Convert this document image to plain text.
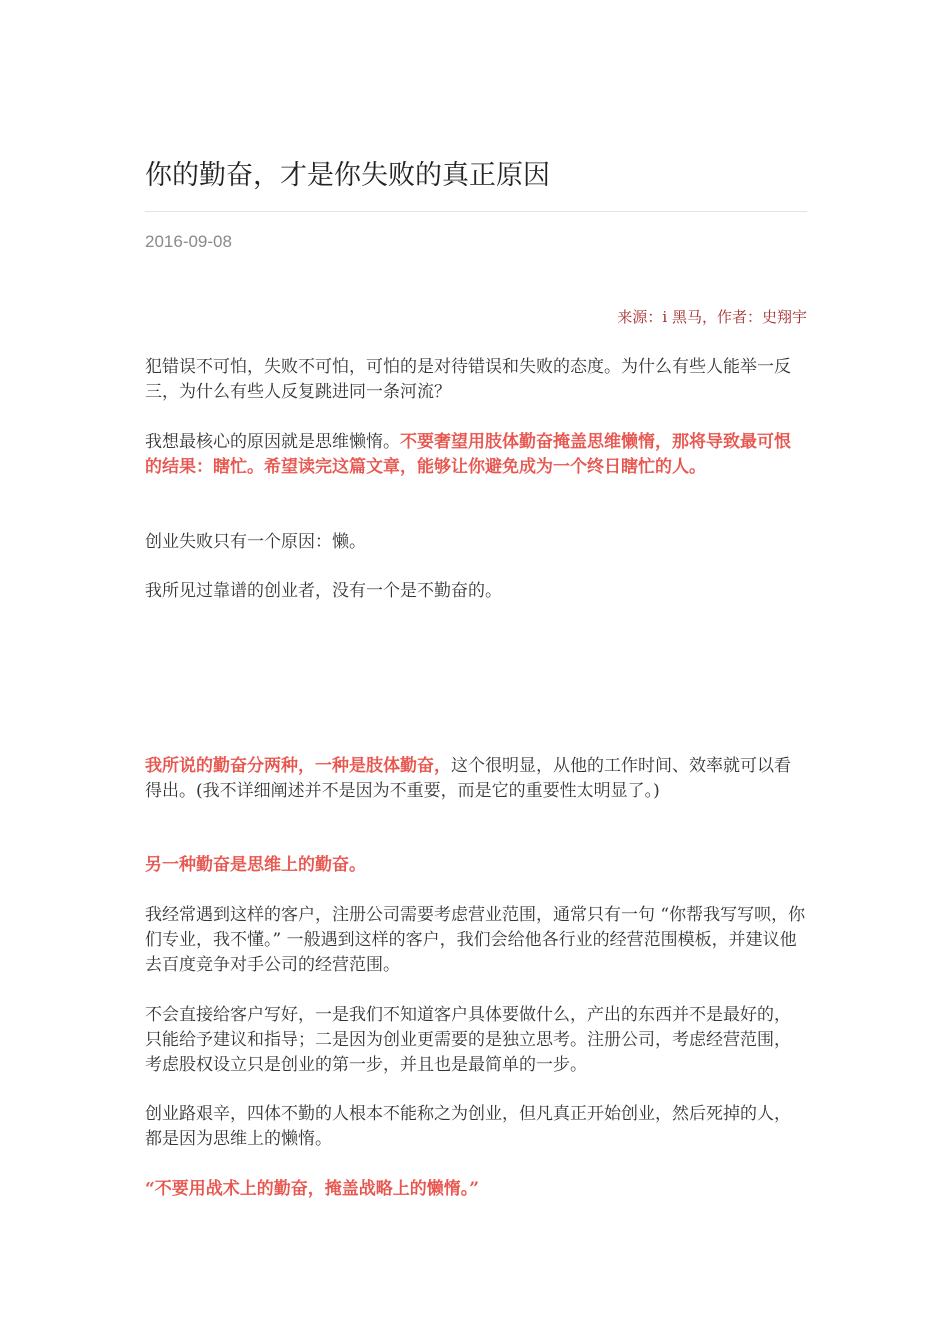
你的勤奋，才是你失败的真正原因
2016-09-08
来源：i 黑马，作者：史翔宇

犯错误不可怕，失败不可怕，可怕的是对待错误和失败的态度。为什么有些人能举一反三，为什么有些人反复跳进同一条河流？

我想最核心的原因就是思维懒惰。不要奢望用肢体勤奋掩盖思维懒惰，那将导致最可恨的结果：瞎忙。希望读完这篇文章，能够让你避免成为一个终日瞎忙的人。

创业失败只有一个原因：懒。

我所见过靠谱的创业者，没有一个是不勤奋的。

我所说的勤奋分两种，一种是肢体勤奋，这个很明显，从他的工作时间、效率就可以看得出。(我不详细阐述并不是因为不重要，而是它的重要性太明显了。)

另一种勤奋是思维上的勤奋。

我经常遇到这样的客户，注册公司需要考虑营业范围，通常只有一句 “你帮我写写呗，你们专业，我不懂。” 一般遇到这样的客户，我们会给他各行业的经营范围模板，并建议他去百度竞争对手公司的经营范围。

不会直接给客户写好，一是我们不知道客户具体要做什么，产出的东西并不是最好的，只能给予建议和指导；二是因为创业更需要的是独立思考。注册公司，考虑经营范围，考虑股权设立只是创业的第一步，并且也是最简单的一步。

创业路艰辛，四体不勤的人根本不能称之为创业，但凡真正开始创业，然后死掉的人，都是因为思维上的懒惰。

“不要用战术上的勤奋，掩盖战略上的懒惰。”
